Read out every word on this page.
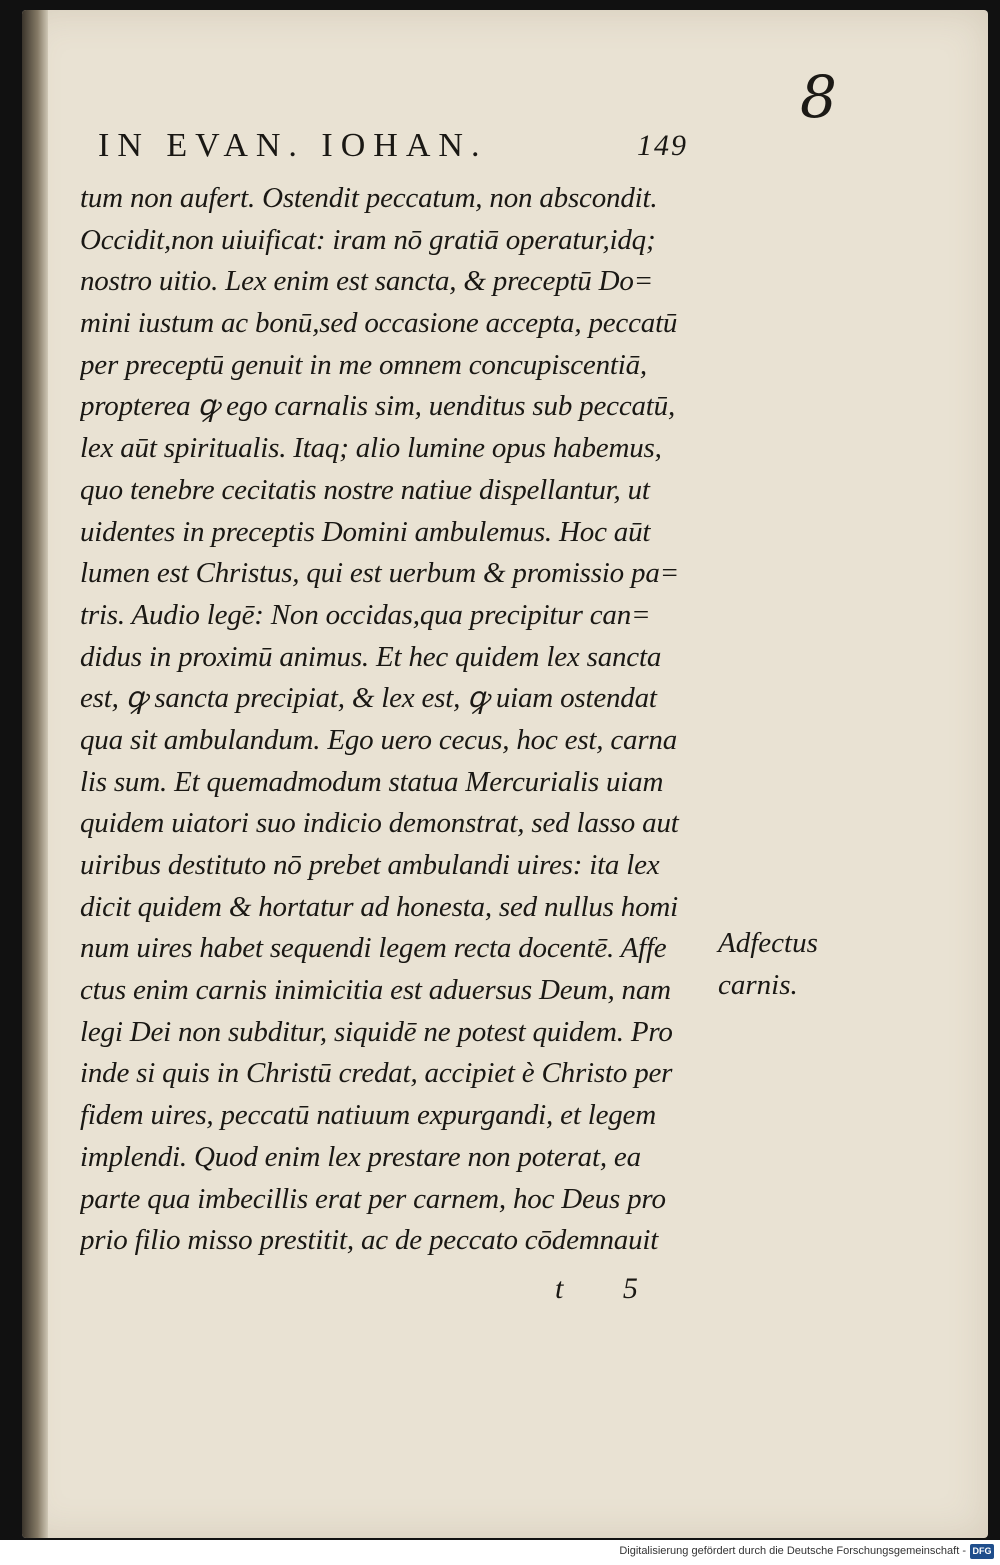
8
IN EVAN. IOHAN.	149
tum non aufert. Ostendit peccatum, non abscondit.
Occidit,non uiuificat: iram nō gratiā operatur,idq;
nostro uitio. Lex enim est sancta, & preceptū Do=
mini iustum ac bonū,sed occasione accepta, peccatū
per preceptū genuit in me omnem concupiscentiā,
propterea ꝙ ego carnalis sim, uenditus sub peccatū,
lex aūt spiritualis. Itaq; alio lumine opus habemus,
quo tenebre cecitatis nostre natiue dispellantur, ut
uidentes in preceptis Domini ambulemus. Hoc aūt
lumen est Christus, qui est uerbum & promissio pa=
tris. Audio legē: Non occidas,qua precipitur can=
didus in proximū animus. Et hec quidem lex sancta
est, ꝙ sancta precipiat, & lex est, ꝙ uiam ostendat
qua sit ambulandum. Ego uero cecus, hoc est, carna
lis sum. Et quemadmodum statua Mercurialis uiam
quidem uiatori suo indicio demonstrat, sed lasso aut
uiribus destituto nō prebet ambulandi uires: ita lex
dicit quidem & hortatur ad honesta, sed nullus homi
num uires habet sequendi legem recta docentē. Affe
ctus enim carnis inimicitia est aduersus Deum, nam
legi Dei non subditur, siquidē ne potest quidem. Pro
inde si quis in Christū credat, accipiet è Christo per
fidem uires, peccatū natiuum expurgandi, et legem
implendi. Quod enim lex prestare non poterat, ea
parte qua imbecillis erat per carnem, hoc Deus pro
prio filio misso prestitit, ac de peccato cōdemnauit
Adfectus
carnis.
t 5
Digitalisierung gefördert durch die Deutsche Forschungsgemeinschaft - DFG
